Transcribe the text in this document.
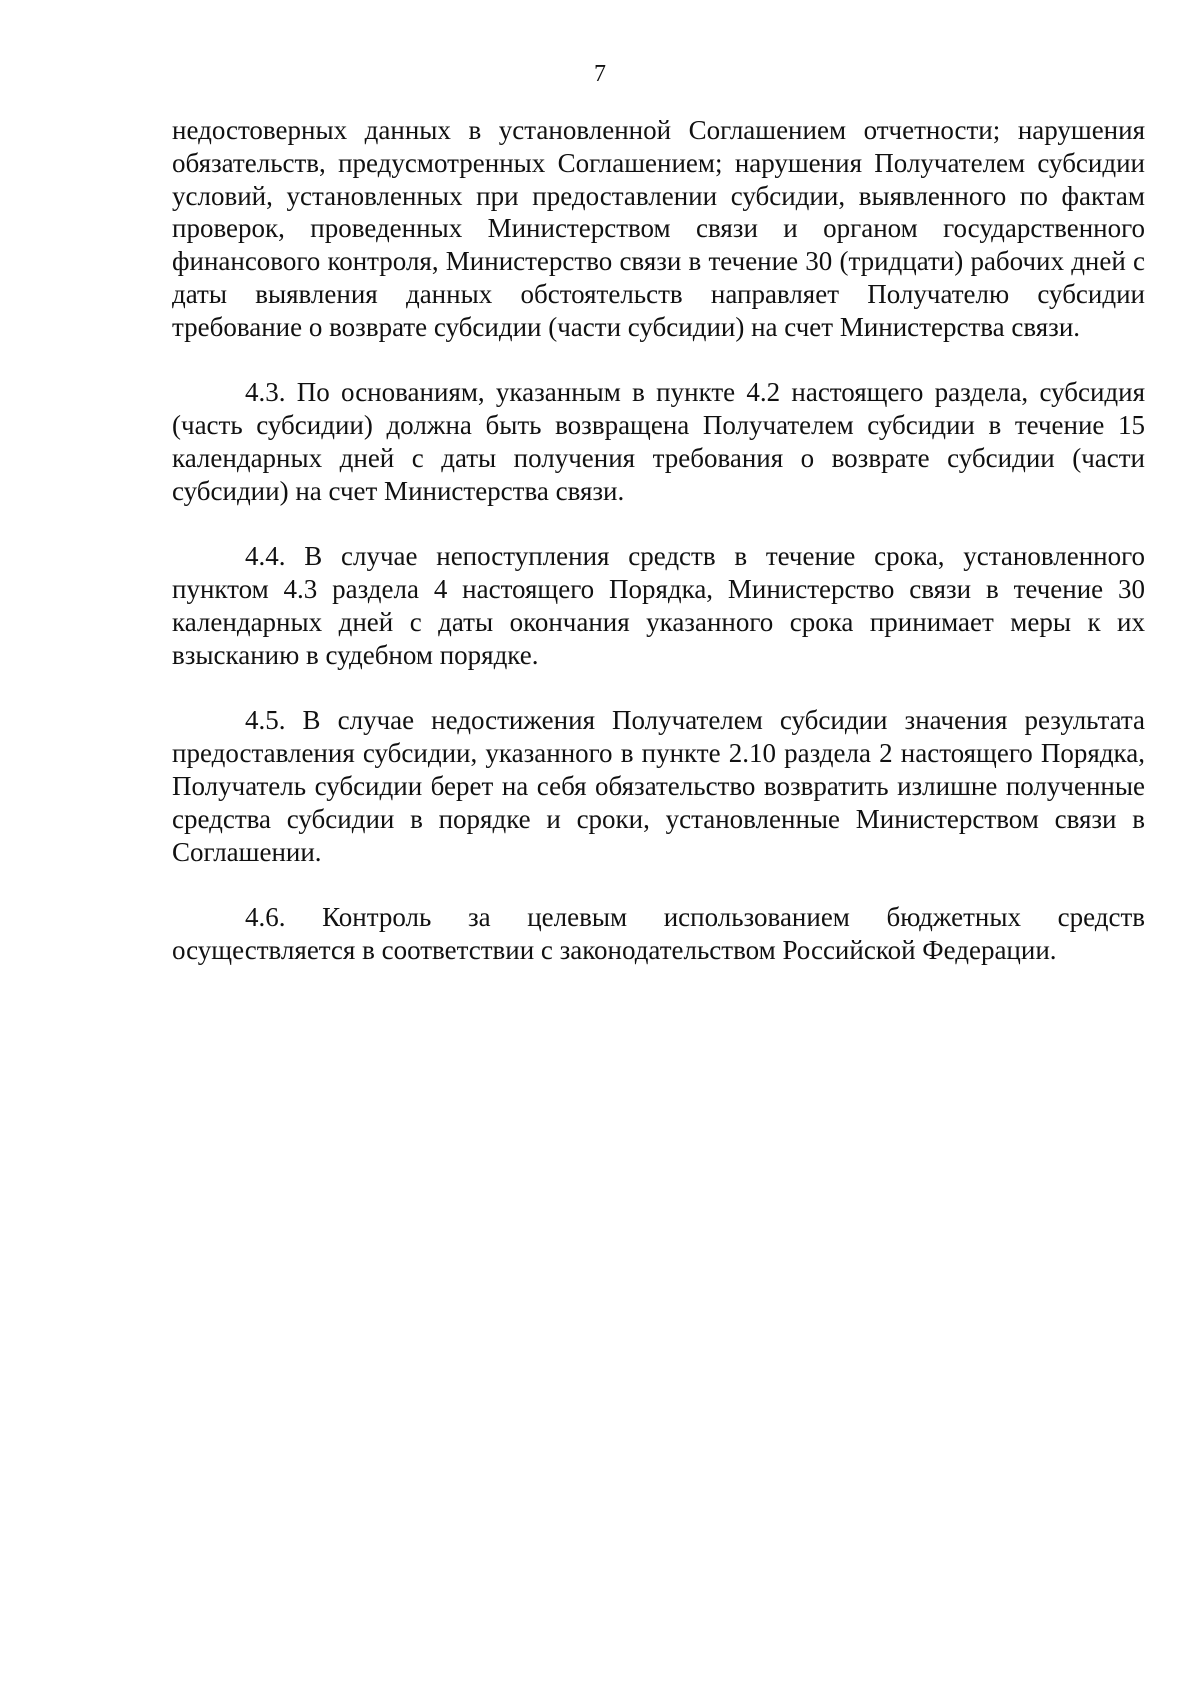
7

недостоверных данных в установленной Соглашением отчетности; нарушения обязательств, предусмотренных Соглашением; нарушения Получателем субсидии условий, установленных при предоставлении субсидии, выявленного по фактам проверок, проведенных Министерством связи и органом государственного финансового контроля, Министерство связи в течение 30 (тридцати) рабочих дней с даты выявления данных обстоятельств направляет Получателю субсидии требование о возврате субсидии (части субсидии) на счет Министерства связи.

4.3. По основаниям, указанным в пункте 4.2 настоящего раздела, субсидия (часть субсидии) должна быть возвращена Получателем субсидии в течение 15 календарных дней с даты получения требования о возврате субсидии (части субсидии) на счет Министерства связи.

4.4. В случае непоступления средств в течение срока, установленного пунктом 4.3 раздела 4 настоящего Порядка, Министерство связи в течение 30 календарных дней с даты окончания указанного срока принимает меры к их взысканию в судебном порядке.

4.5. В случае недостижения Получателем субсидии значения результата предоставления субсидии, указанного в пункте 2.10 раздела 2 настоящего Порядка, Получатель субсидии берет на себя обязательство возвратить излишне полученные средства субсидии в порядке и сроки, установленные Министерством связи в Соглашении.

4.6. Контроль за целевым использованием бюджетных средств осуществляется в соответствии с законодательством Российской Федерации.
